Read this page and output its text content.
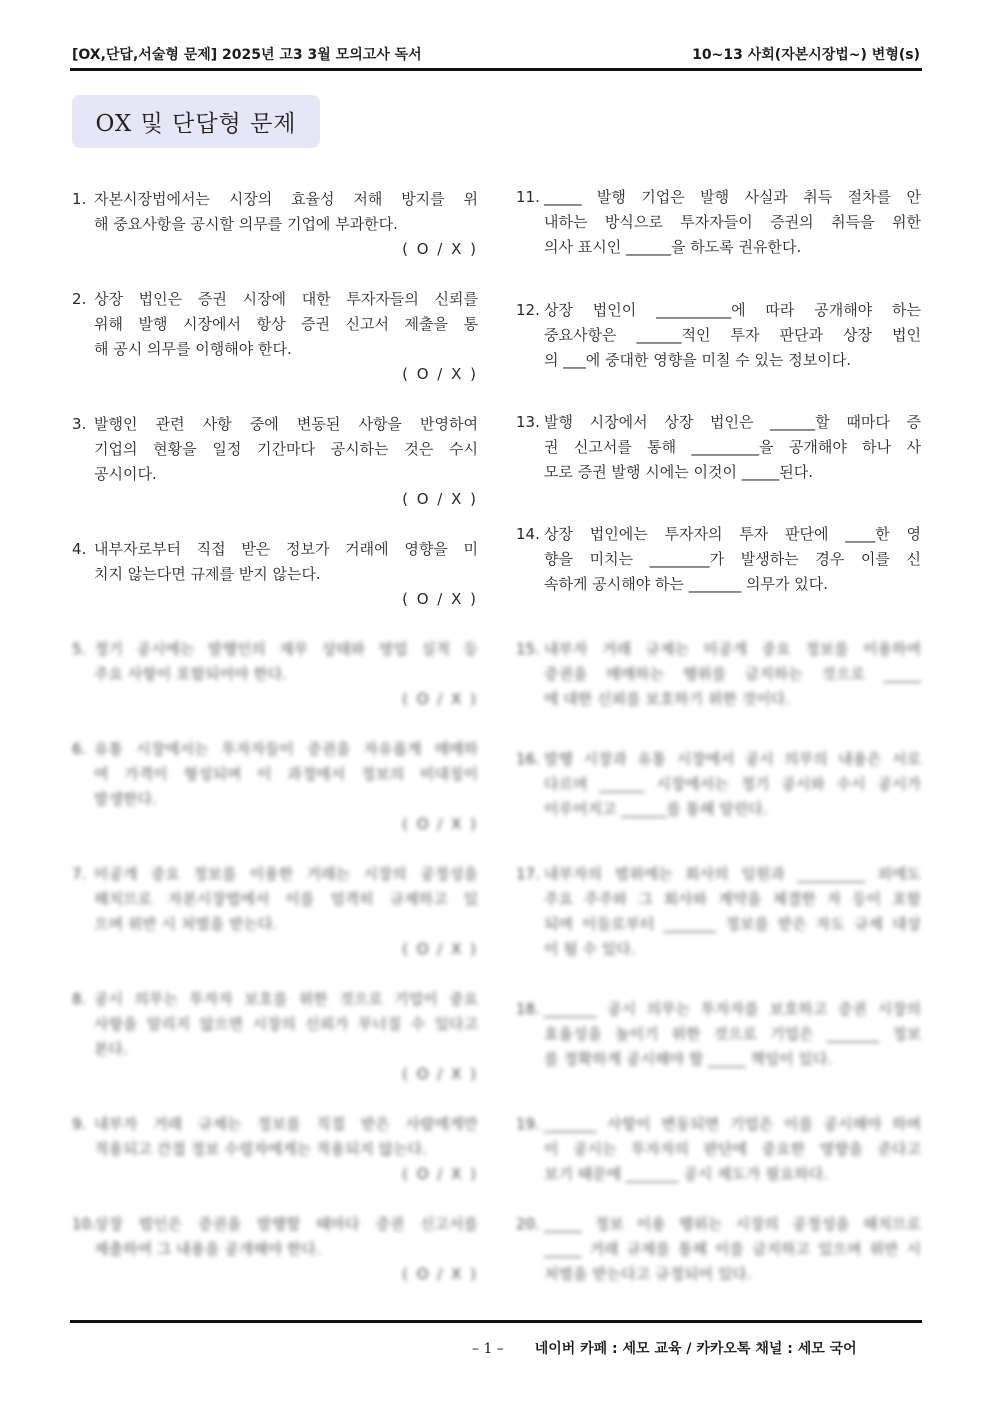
[OX,단답,서술형 문제] 2025년 고3 3월 모의고사 독서	10~13 사회(자본시장법~) 변형(s)
OX 및 단답형 문제
1. 자본시장법에서는 시장의 효율성 저해 방지를 위
해 중요사항을 공시할 의무를 기업에 부과한다.
( O / X )
2. 상장 법인은 증권 시장에 대한 투자자들의 신뢰를
위해 발행 시장에서 항상 증권 신고서 제출을 통
해 공시 의무를 이행해야 한다.
( O / X )
3. 발행인 관련 사항 중에 변동된 사항을 반영하여
기업의 현황을 일정 기간마다 공시하는 것은 수시
공시이다.
( O / X )
4. 내부자로부터 직접 받은 정보가 거래에 영향을 미
치지 않는다면 규제를 받지 않는다.
( O / X )
5. 정기 공시에는 발행인의 재무 상태와 영업 실적 등
주요 사항이 포함되어야 한다.
( O / X )
6. 유통 시장에서는 투자자들이 증권을 자유롭게 매매하
여 가격이 형성되며 이 과정에서 정보의 비대칭이
발생한다.
( O / X )
7. 미공개 중요 정보를 이용한 거래는 시장의 공정성을
해치므로 자본시장법에서 이를 엄격히 규제하고 있
으며 위반 시 처벌을 받는다.
( O / X )
8. 공시 의무는 투자자 보호를 위한 것으로 기업이 중요
사항을 알리지 않으면 시장의 신뢰가 무너질 수 있다고
본다.
( O / X )
9. 내부자 거래 규제는 정보를 직접 받은 사람에게만
적용되고 간접 정보 수령자에게는 적용되지 않는다.
( O / X )
10.
상장 법인은 증권을 발행할 때마다 증권 신고서를
제출하여 그 내용을 공개해야 한다.
( O / X )
11. _____ 발행 기업은 발행 사실과 취득 절차를 안
내하는 방식으로 투자자들이 증권의 취득을 위한
의사 표시인 ______을 하도록 권유한다.
12. 상장 법인이 __________에 따라 공개해야 하는
중요사항은 ______적인 투자 판단과 상장 법인
의 ___에 중대한 영향을 미칠 수 있는 정보이다.
13. 발행 시장에서 상장 법인은 ______할 때마다 증
권 신고서를 통해 _________을 공개해야 하나 사
모로 증권 발행 시에는 이것이 _____된다.
14. 상장 법인에는 투자자의 투자 판단에 ____한 영
향을 미치는 ________가 발생하는 경우 이를 신
속하게 공시해야 하는 _______ 의무가 있다.
15. 내부자 거래 규제는 미공개 중요 정보를 이용하여
증권을 매매하는 행위를 금지하는 것으로 _____
에 대한 신뢰를 보호하기 위한 것이다.
16. 발행 시장과 유통 시장에서 공시 의무의 내용은 서로
다르며 ______ 시장에서는 정기 공시와 수시 공시가
이루어지고 ______를 통해 알린다.
17. 내부자의 범위에는 회사의 임원과 _________ 외에도
주요 주주와 그 회사와 계약을 체결한 자 등이 포함
되며 이들로부터 _______ 정보를 받은 자도 규제 대상
이 될 수 있다.
18. _______ 공시 의무는 투자자를 보호하고 증권 시장의
효율성을 높이기 위한 것으로 기업은 _______ 정보
를 정확하게 공시해야 할 _____ 책임이 있다.
19. _______ 사항이 변동되면 기업은 이를 공시해야 하며
이 공시는 투자자의 판단에 중요한 영향을 준다고
보기 때문에 _______ 공시 제도가 필요하다.
20. _____ 정보 이용 행위는 시장의 공정성을 해치므로
_____ 거래 규제를 통해 이를 금지하고 있으며 위반 시
처벌을 받는다고 규정되어 있다.
– 1 – 네이버 카페 : 세모 교육 / 카카오톡 채널 : 세모 국어
